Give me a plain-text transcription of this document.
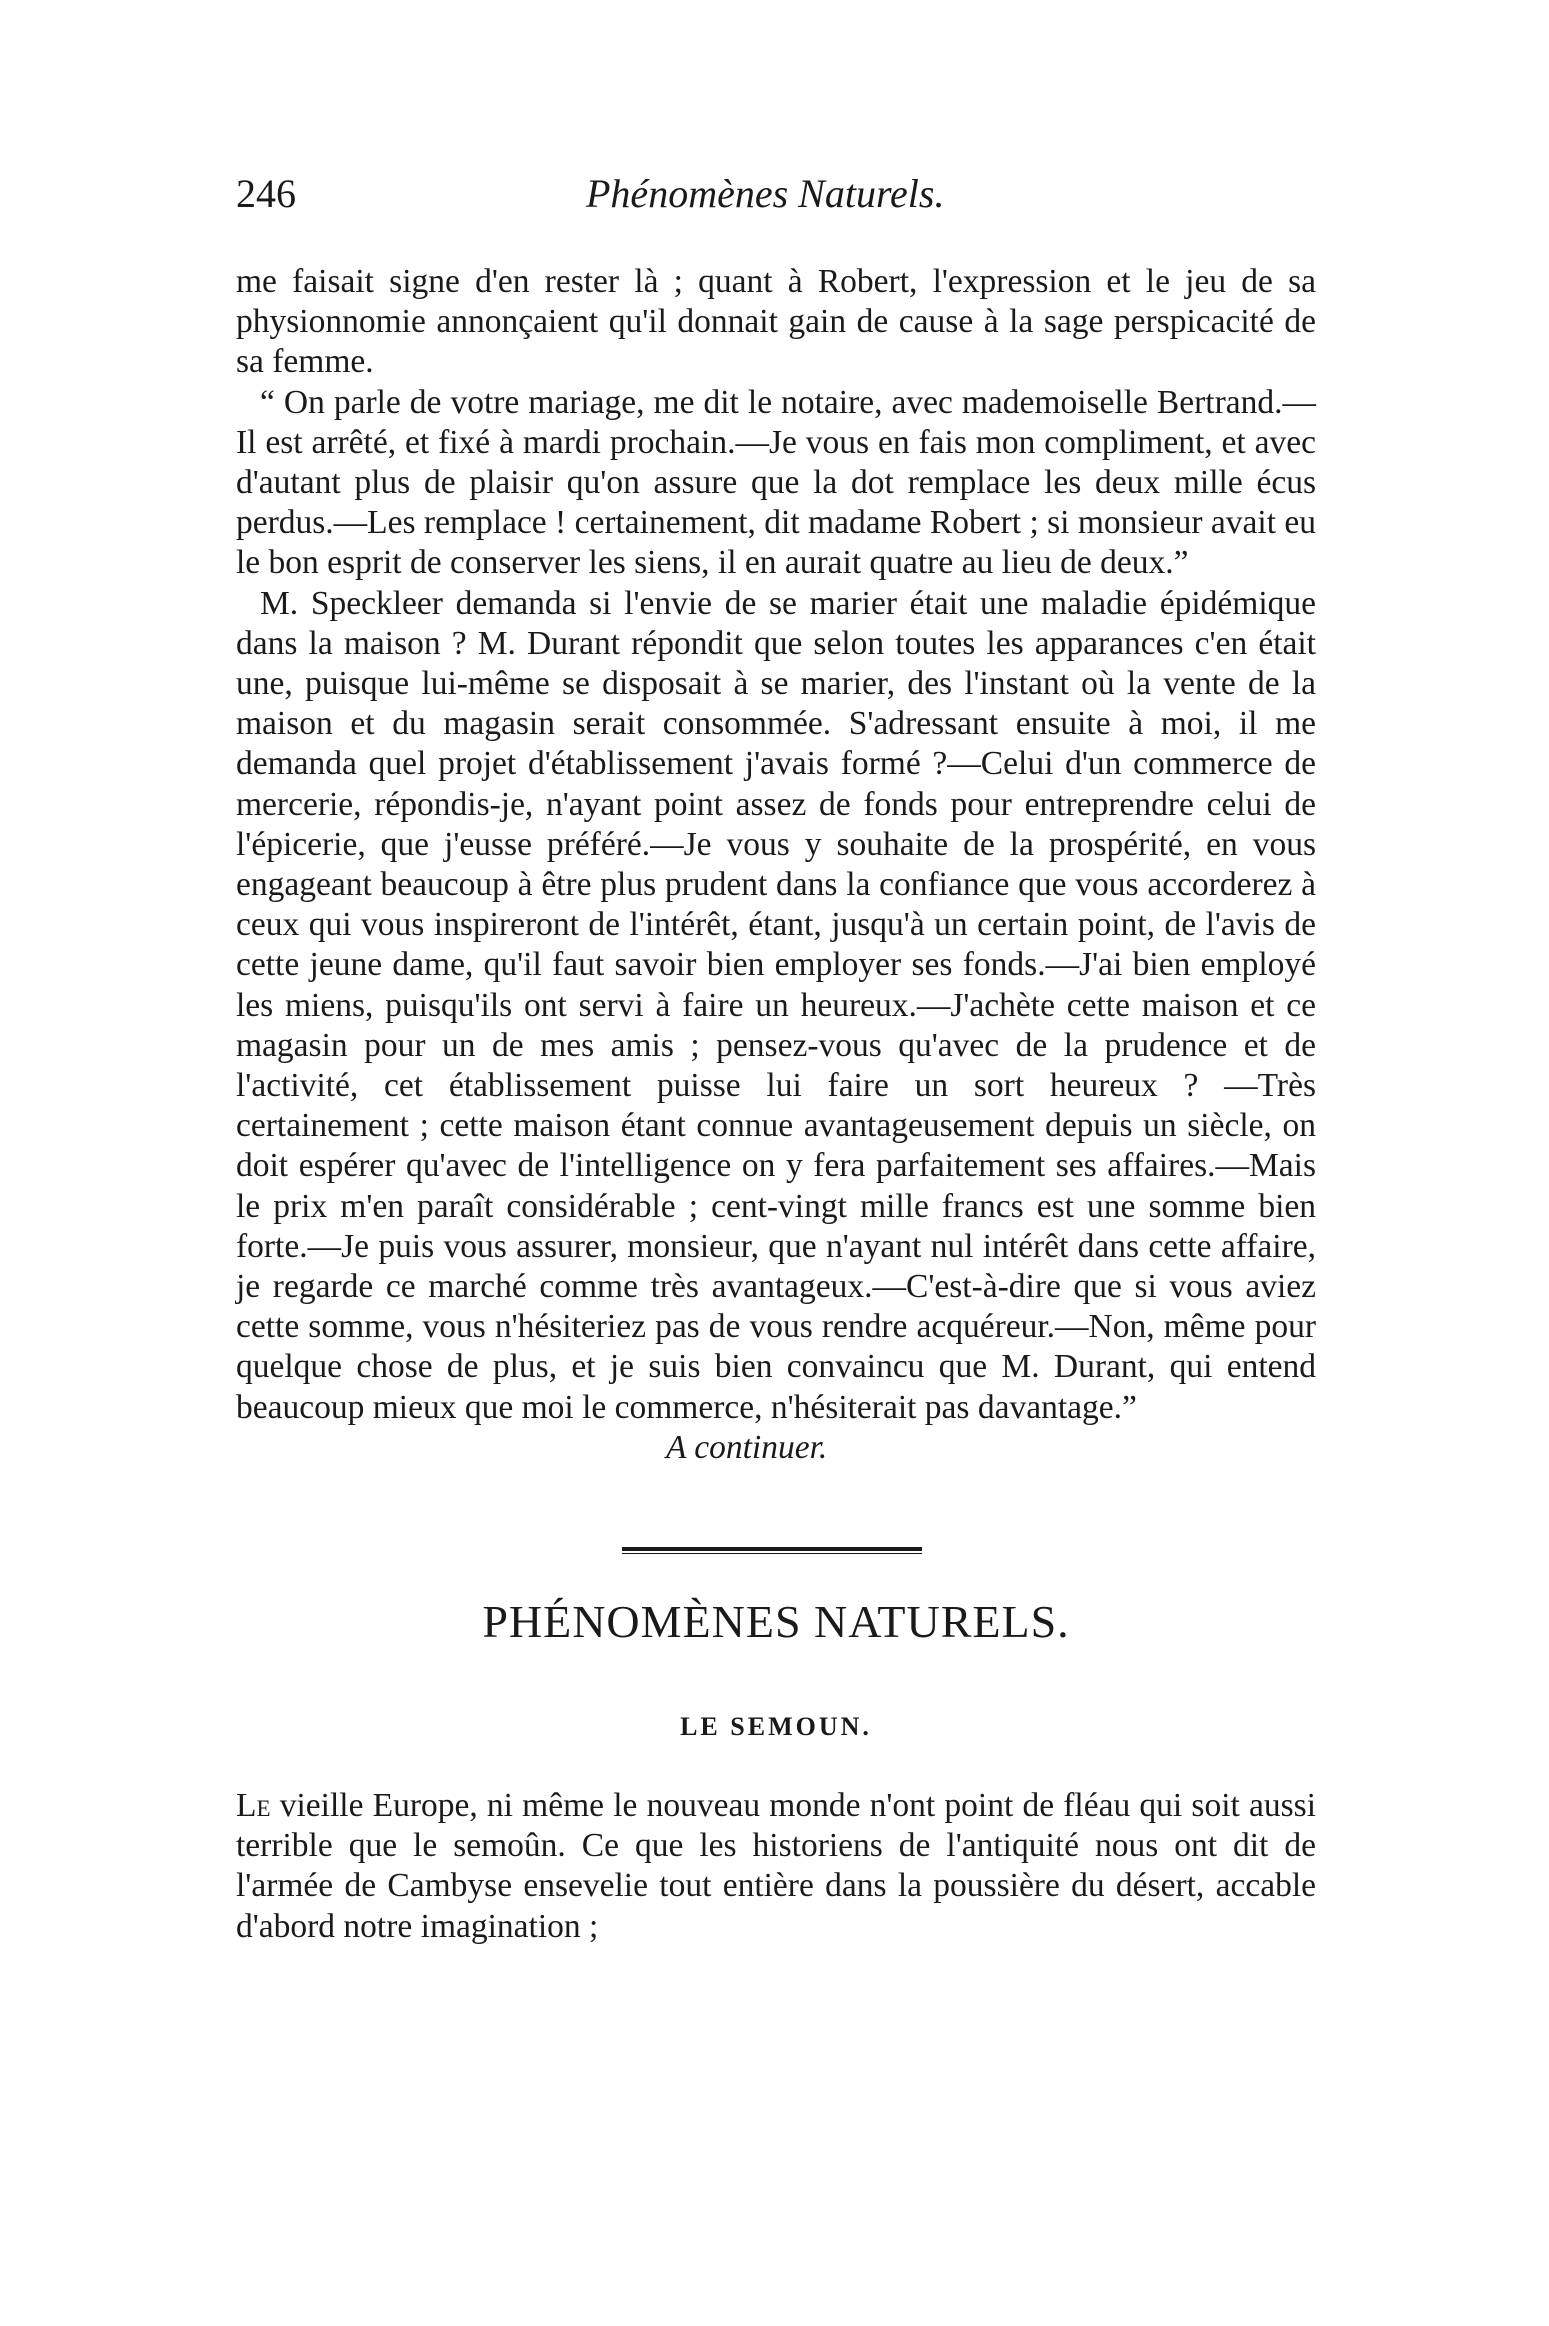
246	Phénomènes Naturels.

me faisait signe d'en rester là ; quant à Robert, l'expression et le jeu de sa physionnomie annonçaient qu'il donnait gain de cause à la sage perspicacité de sa femme.

“ On parle de votre mariage, me dit le notaire, avec mademoiselle Bertrand.—Il est arrêté, et fixé à mardi prochain.—Je vous en fais mon compliment, et avec d'autant plus de plaisir qu'on assure que la dot remplace les deux mille écus perdus.—Les remplace ! certainement, dit madame Robert ; si monsieur avait eu le bon esprit de conserver les siens, il en aurait quatre au lieu de deux.”

M. Speckleer demanda si l'envie de se marier était une maladie épidémique dans la maison ? M. Durant répondit que selon toutes les apparances c'en était une, puisque lui-même se disposait à se marier, des l'instant où la vente de la maison et du magasin serait consommée. S'adressant ensuite à moi, il me demanda quel projet d'établissement j'avais formé ?—Celui d'un commerce de mercerie, répondis-je, n'ayant point assez de fonds pour entreprendre celui de l'épicerie, que j'eusse préféré.—Je vous y souhaite de la prospérité, en vous engageant beaucoup à être plus prudent dans la confiance que vous accorderez à ceux qui vous inspireront de l'intérêt, étant, jusqu'à un certain point, de l'avis de cette jeune dame, qu'il faut savoir bien employer ses fonds.—J'ai bien employé les miens, puisqu'ils ont servi à faire un heureux.—J'achète cette maison et ce magasin pour un de mes amis ; pensez-vous qu'avec de la prudence et de l'activité, cet établissement puisse lui faire un sort heureux ? —Très certainement ; cette maison étant connue avantageusement depuis un siècle, on doit espérer qu'avec de l'intelligence on y fera parfaitement ses affaires.—Mais le prix m'en paraît considérable ; cent-vingt mille francs est une somme bien forte.—Je puis vous assurer, monsieur, que n'ayant nul intérêt dans cette affaire, je regarde ce marché comme très avantageux.—C'est-à-dire que si vous aviez cette somme, vous n'hésiteriez pas de vous rendre acquéreur.—Non, même pour quelque chose de plus, et je suis bien convaincu que M. Durant, qui entend beaucoup mieux que moi le commerce, n'hésiterait pas davantage.”

A continuer.

PHÉNOMÈNES NATURELS.
LE SEMOUN.

Le vieille Europe, ni même le nouveau monde n'ont point de fléau qui soit aussi terrible que le semoûn. Ce que les historiens de l'antiquité nous ont dit de l'armée de Cambyse ensevelie tout entière dans la poussière du désert, accable d'abord notre imagination ;
